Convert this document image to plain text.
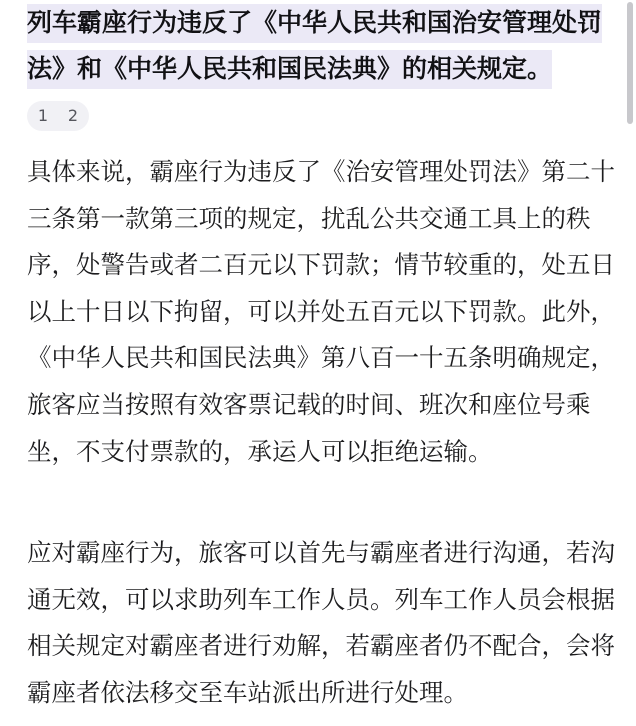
列车霸座行为违反了《中华人民共和国治安管理处罚法》和《中华人民共和国民法典》的相关规定。
1	2

具体来说，霸座行为违反了《治安管理处罚法》第二十三条第一款第三项的规定，扰乱公共交通工具上的秩序，处警告或者二百元以下罚款；情节较重的，处五日以上十日以下拘留，可以并处五百元以下罚款。此外，《中华人民共和国民法典》第八百一十五条明确规定，旅客应当按照有效客票记载的时间、班次和座位号乘坐，不支付票款的，承运人可以拒绝运输。

应对霸座行为，旅客可以首先与霸座者进行沟通，若沟通无效，可以求助列车工作人员。列车工作人员会根据相关规定对霸座者进行劝解，若霸座者仍不配合，会将霸座者依法移交至车站派出所进行处理。
